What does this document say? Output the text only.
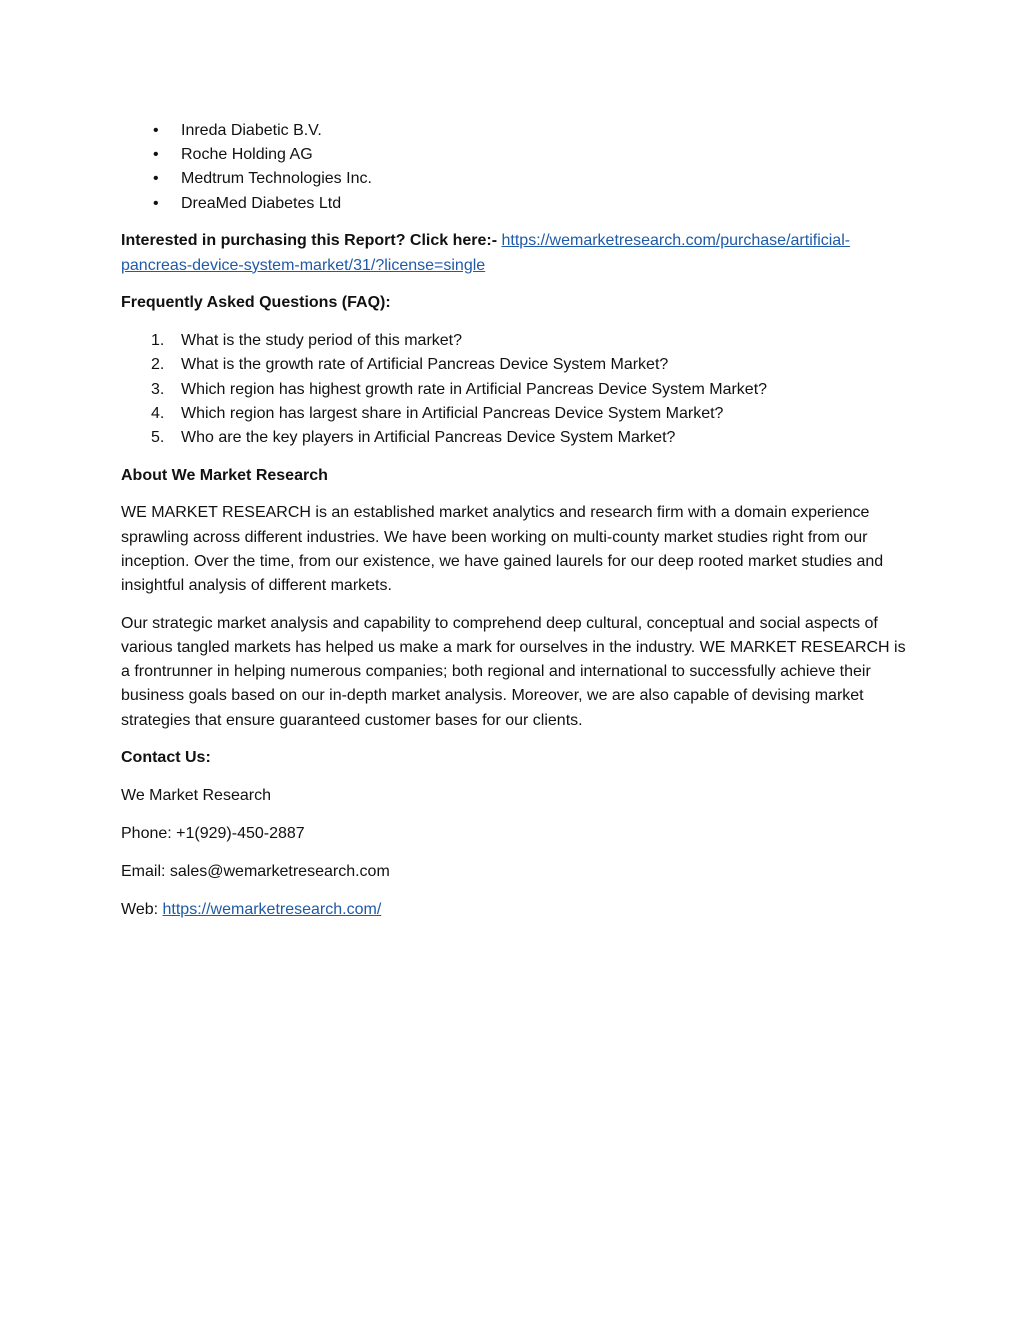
• Inreda Diabetic B.V.
• Roche Holding AG
• Medtrum Technologies Inc.
• DreaMed Diabetes Ltd

Interested in purchasing this Report? Click here:- https://wemarketresearch.com/purchase/artificial-pancreas-device-system-market/31/?license=single

Frequently Asked Questions (FAQ):

1. What is the study period of this market?
2. What is the growth rate of Artificial Pancreas Device System Market?
3. Which region has highest growth rate in Artificial Pancreas Device System Market?
4. Which region has largest share in Artificial Pancreas Device System Market?
5. Who are the key players in Artificial Pancreas Device System Market?

About We Market Research

WE MARKET RESEARCH is an established market analytics and research firm with a domain experience sprawling across different industries. We have been working on multi-county market studies right from our inception. Over the time, from our existence, we have gained laurels for our deep rooted market studies and insightful analysis of different markets.

Our strategic market analysis and capability to comprehend deep cultural, conceptual and social aspects of various tangled markets has helped us make a mark for ourselves in the industry. WE MARKET RESEARCH is a frontrunner in helping numerous companies; both regional and international to successfully achieve their business goals based on our in-depth market analysis. Moreover, we are also capable of devising market strategies that ensure guaranteed customer bases for our clients.

Contact Us:

We Market Research

Phone: +1(929)-450-2887

Email: sales@wemarketresearch.com

Web: https://wemarketresearch.com/
